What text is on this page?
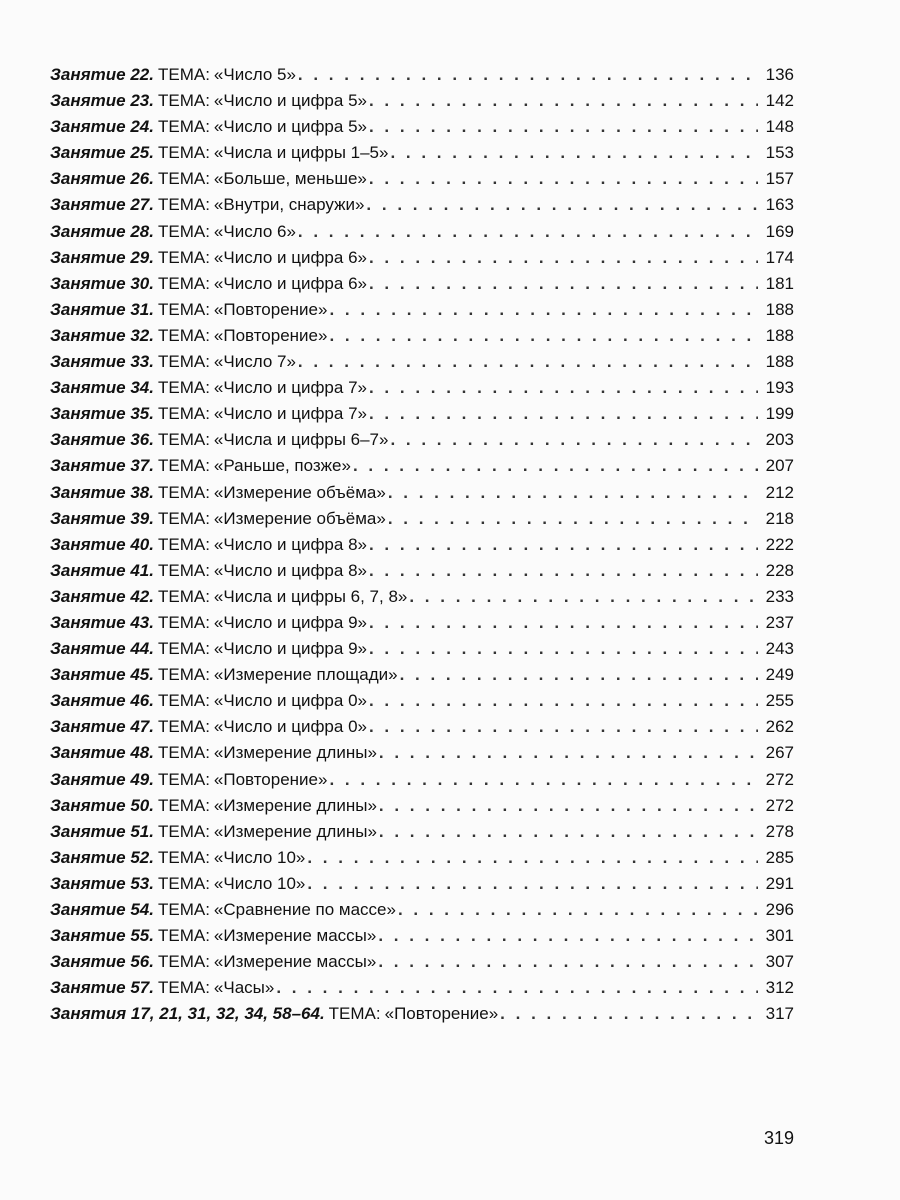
Занятие 22. ТЕМА: «Число 5» . . .	136
Занятие 23. ТЕМА: «Число и цифра 5» . . .	142
Занятие 24. ТЕМА: «Число и цифра 5» . . .	148
Занятие 25. ТЕМА: «Числа и цифры 1–5» . . .	153
Занятие 26. ТЕМА: «Больше, меньше» . . .	157
Занятие 27. ТЕМА: «Внутри, снаружи» . . .	163
Занятие 28. ТЕМА: «Число 6» . . .	169
Занятие 29. ТЕМА: «Число и цифра 6» . . .	174
Занятие 30. ТЕМА: «Число и цифра 6» . . .	181
Занятие 31. ТЕМА: «Повторение» . . .	188
Занятие 32. ТЕМА: «Повторение» . . .	188
Занятие 33. ТЕМА: «Число 7» . . .	188
Занятие 34. ТЕМА: «Число и цифра 7» . . .	193
Занятие 35. ТЕМА: «Число и цифра 7» . . .	199
Занятие 36. ТЕМА: «Числа и цифры 6–7» . . .	203
Занятие 37. ТЕМА: «Раньше, позже» . . .	207
Занятие 38. ТЕМА: «Измерение объёма» . . .	212
Занятие 39. ТЕМА: «Измерение объёма» . . .	218
Занятие 40. ТЕМА: «Число и цифра 8» . . .	222
Занятие 41. ТЕМА: «Число и цифра 8» . . .	228
Занятие 42. ТЕМА: «Числа и цифры 6, 7, 8» . . .	233
Занятие 43. ТЕМА: «Число и цифра 9» . . .	237
Занятие 44. ТЕМА: «Число и цифра 9» . . .	243
Занятие 45. ТЕМА: «Измерение площади» . . .	249
Занятие 46. ТЕМА: «Число и цифра 0» . . .	255
Занятие 47. ТЕМА: «Число и цифра 0» . . .	262
Занятие 48. ТЕМА: «Измерение длины» . . .	267
Занятие 49. ТЕМА: «Повторение» . . .	272
Занятие 50. ТЕМА: «Измерение длины» . . .	272
Занятие 51. ТЕМА: «Измерение длины» . . .	278
Занятие 52. ТЕМА: «Число 10» . . .	285
Занятие 53. ТЕМА: «Число 10» . . .	291
Занятие 54. ТЕМА: «Сравнение по массе» . . .	296
Занятие 55. ТЕМА: «Измерение массы» . . .	301
Занятие 56. ТЕМА: «Измерение массы» . . .	307
Занятие 57. ТЕМА: «Часы» . . .	312
Занятия 17, 21, 31, 32, 34, 58–64. ТЕМА: «Повторение» . . .	317
319
